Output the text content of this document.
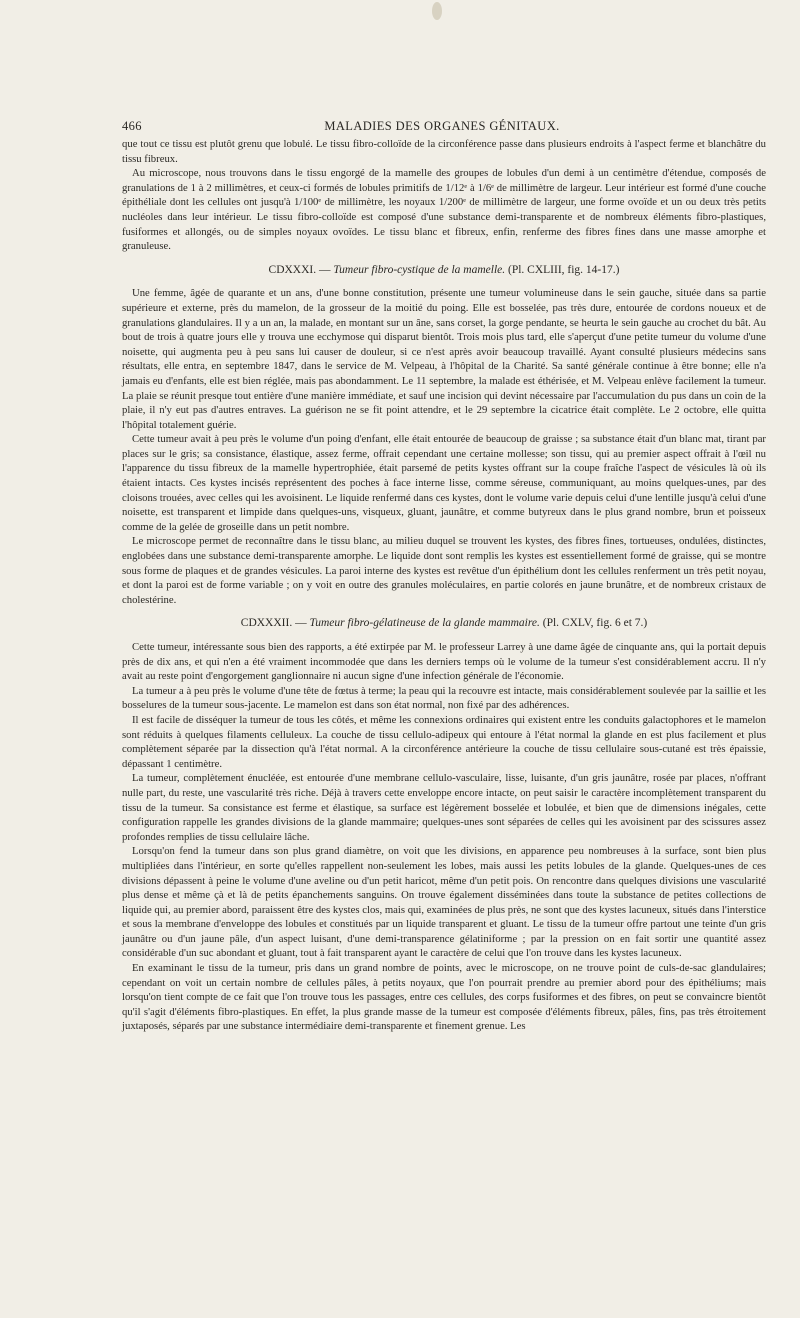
466	MALADIES DES ORGANES GÉNITAUX.

que tout ce tissu est plutôt grenu que lobulé. Le tissu fibro-colloïde de la circonférence passe dans plusieurs endroits à l'aspect ferme et blanchâtre du tissu fibreux.

Au microscope, nous trouvons dans le tissu engorgé de la mamelle des groupes de lobules d'un demi à un centimètre d'étendue, composés de granulations de 1 à 2 millimètres, et ceux-ci formés de lobules primitifs de 1/12ᵉ à 1/6ᵉ de millimètre de largeur. Leur intérieur est formé d'une couche épithéliale dont les cellules ont jusqu'à 1/100ᵉ de millimètre, les noyaux 1/200ᵉ de millimètre de largeur, une forme ovoïde et un ou deux très petits nucléoles dans leur intérieur. Le tissu fibro-colloïde est composé d'une substance demi-transparente et de nombreux éléments fibro-plastiques, fusiformes et allongés, ou de simples noyaux ovoïdes. Le tissu blanc et fibreux, enfin, renferme des fibres fines dans une masse amorphe et granuleuse.

CDXXXI. — Tumeur fibro-cystique de la mamelle. (Pl. CXLIII, fig. 14-17.)

Une femme, âgée de quarante et un ans, d'une bonne constitution, présente une tumeur volumineuse dans le sein gauche, située dans sa partie supérieure et externe, près du mamelon, de la grosseur de la moitié du poing. Elle est bosselée, pas très dure, entourée de cordons noueux et de granulations glandulaires. Il y a un an, la malade, en montant sur un âne, sans corset, la gorge pendante, se heurta le sein gauche au crochet du bât. Au bout de trois à quatre jours elle y trouva une ecchymose qui disparut bientôt. Trois mois plus tard, elle s'aperçut d'une petite tumeur du volume d'une noisette, qui augmenta peu à peu sans lui causer de douleur, si ce n'est après avoir beaucoup travaillé. Ayant consulté plusieurs médecins sans résultats, elle entra, en septembre 1847, dans le service de M. Velpeau, à l'hôpital de la Charité. Sa santé générale continue à être bonne; elle n'a jamais eu d'enfants, elle est bien réglée, mais pas abondamment. Le 11 septembre, la malade est éthérisée, et M. Velpeau enlève facilement la tumeur. La plaie se réunit presque tout entière d'une manière immédiate, et sauf une incision qui devint nécessaire par l'accumulation du pus dans un coin de la plaie, il n'y eut pas d'autres entraves. La guérison ne se fit point attendre, et le 29 septembre la cicatrice était complète. Le 2 octobre, elle quitta l'hôpital totalement guérie.

Cette tumeur avait à peu près le volume d'un poing d'enfant, elle était entourée de beaucoup de graisse ; sa substance était d'un blanc mat, tirant par places sur le gris; sa consistance, élastique, assez ferme, offrait cependant une certaine mollesse; son tissu, qui au premier aspect offrait à l'œil nu l'apparence du tissu fibreux de la mamelle hypertrophiée, était parsemé de petits kystes offrant sur la coupe fraîche l'aspect de vésicules là où ils étaient intacts. Ces kystes incisés représentent des poches à face interne lisse, comme séreuse, communiquant, au moins quelques-unes, par des cloisons trouées, avec celles qui les avoisinent. Le liquide renfermé dans ces kystes, dont le volume varie depuis celui d'une lentille jusqu'à celui d'une noisette, est transparent et limpide dans quelques-uns, visqueux, gluant, jaunâtre, et comme butyreux dans le plus grand nombre, brun et poisseux comme de la gelée de groseille dans un petit nombre.

Le microscope permet de reconnaître dans le tissu blanc, au milieu duquel se trouvent les kystes, des fibres fines, tortueuses, ondulées, distinctes, englobées dans une substance demi-transparente amorphe. Le liquide dont sont remplis les kystes est essentiellement formé de graisse, qui se montre sous forme de plaques et de grandes vésicules. La paroi interne des kystes est revêtue d'un épithélium dont les cellules renferment un très petit noyau, et dont la paroi est de forme variable ; on y voit en outre des granules moléculaires, en partie colorés en jaune brunâtre, et de nombreux cristaux de cholestérine.

CDXXXII. — Tumeur fibro-gélatineuse de la glande mammaire. (Pl. CXLV, fig. 6 et 7.)

Cette tumeur, intéressante sous bien des rapports, a été extirpée par M. le professeur Larrey à une dame âgée de cinquante ans, qui la portait depuis près de dix ans, et qui n'en a été vraiment incommodée que dans les derniers temps où le volume de la tumeur s'est considérablement accru. Il n'y avait au reste point d'engorgement ganglionnaire ni aucun signe d'une infection générale de l'économie.

La tumeur a à peu près le volume d'une tête de fœtus à terme; la peau qui la recouvre est intacte, mais considérablement soulevée par la saillie et les bosselures de la tumeur sous-jacente. Le mamelon est dans son état normal, non fixé par des adhérences.

Il est facile de disséquer la tumeur de tous les côtés, et même les connexions ordinaires qui existent entre les conduits galactophores et le mamelon sont réduits à quelques filaments celluleux. La couche de tissu cellulo-adipeux qui entoure à l'état normal la glande en est plus facilement et plus complètement séparée par la dissection qu'à l'état normal. A la circonférence antérieure la couche de tissu cellulaire sous-cutané est très épaissie, dépassant 1 centimètre.

La tumeur, complètement énucléée, est entourée d'une membrane cellulo-vasculaire, lisse, luisante, d'un gris jaunâtre, rosée par places, n'offrant nulle part, du reste, une vascularité très riche. Déjà à travers cette enveloppe encore intacte, on peut saisir le caractère incomplètement transparent du tissu de la tumeur. Sa consistance est ferme et élastique, sa surface est légèrement bosselée et lobulée, et bien que de dimensions inégales, cette configuration rappelle les grandes divisions de la glande mammaire; quelques-unes sont séparées de celles qui les avoisinent par des scissures assez profondes remplies de tissu cellulaire lâche.

Lorsqu'on fend la tumeur dans son plus grand diamètre, on voit que les divisions, en apparence peu nombreuses à la surface, sont bien plus multipliées dans l'intérieur, en sorte qu'elles rappellent non-seulement les lobes, mais aussi les petits lobules de la glande. Quelques-unes de ces divisions dépassent à peine le volume d'une aveline ou d'un petit haricot, même d'un petit pois. On rencontre dans quelques divisions une vascularité plus dense et même çà et là de petits épanchements sanguins. On trouve également disséminées dans toute la substance de petites collections de liquide qui, au premier abord, paraissent être des kystes clos, mais qui, examinées de plus près, ne sont que des kystes lacuneux, situés dans l'interstice et sous la membrane d'enveloppe des lobules et constitués par un liquide transparent et gluant. Le tissu de la tumeur offre partout une teinte d'un gris jaunâtre ou d'un jaune pâle, d'un aspect luisant, d'une demi-transparence gélatiniforme ; par la pression on en fait sortir une quantité assez considérable d'un suc abondant et gluant, tout à fait transparent ayant le caractère de celui que l'on trouve dans les kystes lacuneux.

En examinant le tissu de la tumeur, pris dans un grand nombre de points, avec le microscope, on ne trouve point de culs-de-sac glandulaires; cependant on voit un certain nombre de cellules pâles, à petits noyaux, que l'on pourrait prendre au premier abord pour des épithéliums; mais lorsqu'on tient compte de ce fait que l'on trouve tous les passages, entre ces cellules, des corps fusiformes et des fibres, on peut se convaincre bientôt qu'il s'agit d'éléments fibro-plastiques. En effet, la plus grande masse de la tumeur est composée d'éléments fibreux, pâles, fins, pas très étroitement juxtaposés, séparés par une substance intermédiaire demi-transparente et finement grenue. Les
